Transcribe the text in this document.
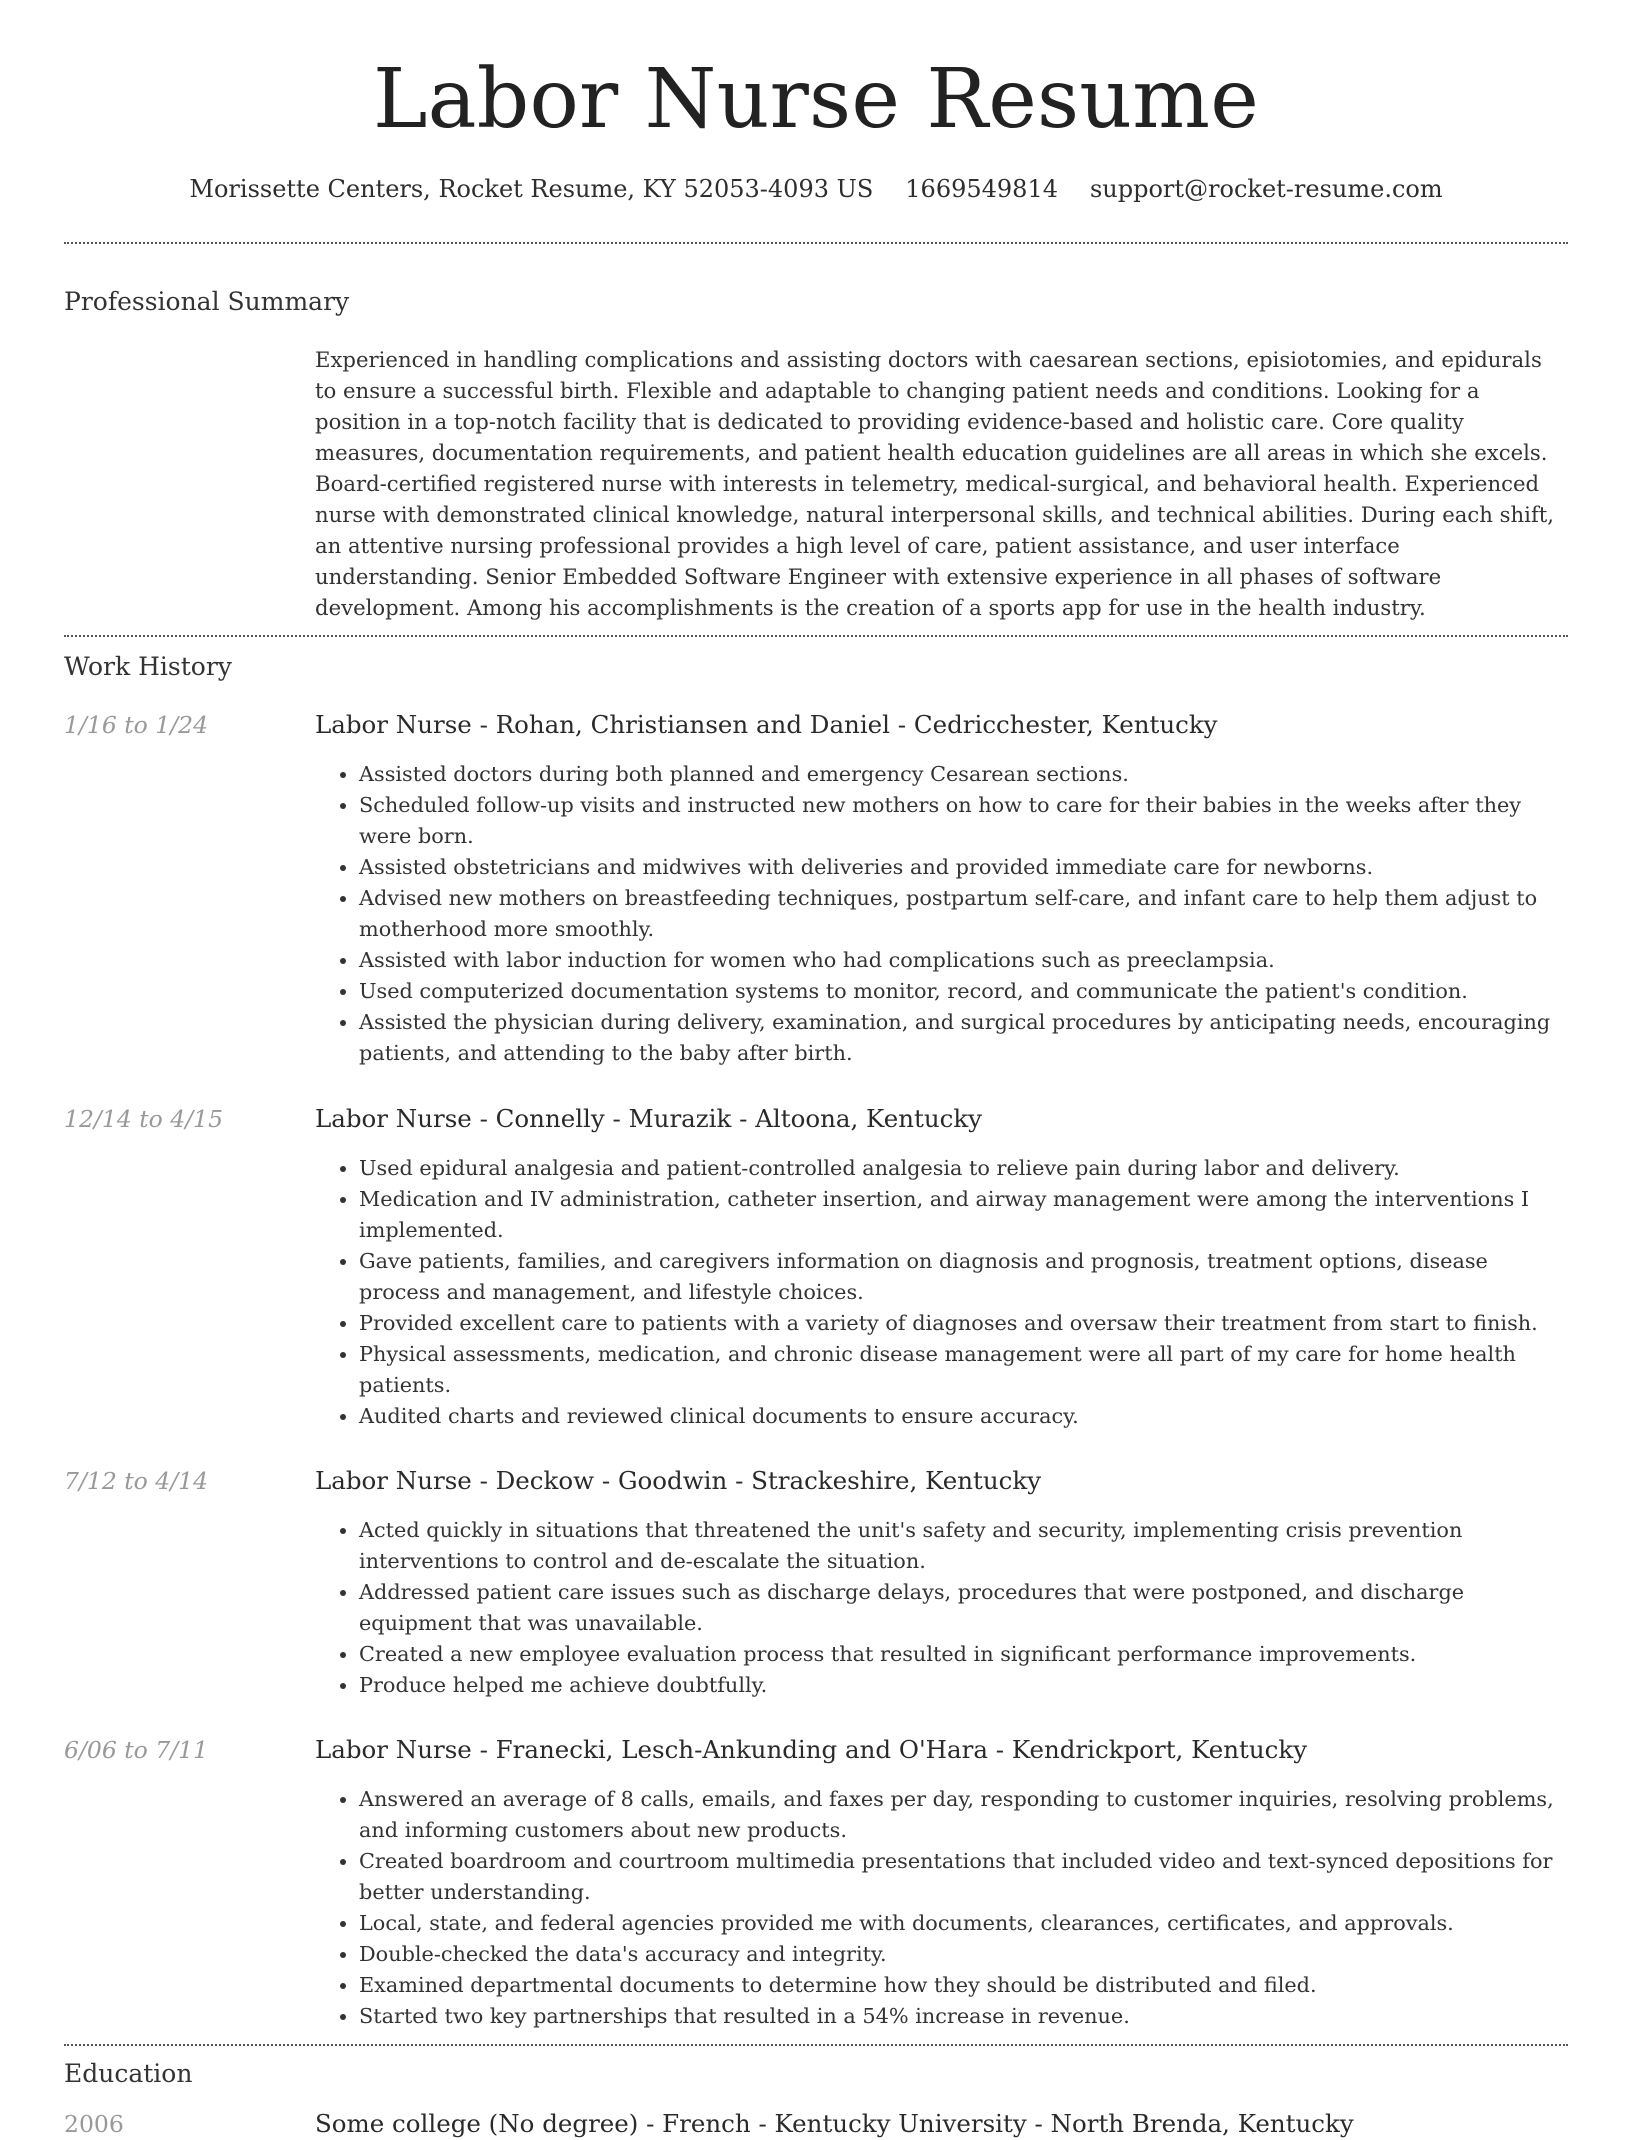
Labor Nurse Resume
Morissette Centers, Rocket Resume, KY 52053-4093 US 1669549814 support@rocket-resume.com
Professional Summary

Experienced in handling complications and assisting doctors with caesarean sections, episiotomies, and epidurals to ensure a successful birth. Flexible and adaptable to changing patient needs and conditions. Looking for a position in a top-notch facility that is dedicated to providing evidence-based and holistic care. Core quality measures, documentation requirements, and patient health education guidelines are all areas in which she excels. Board-certified registered nurse with interests in telemetry, medical-surgical, and behavioral health. Experienced nurse with demonstrated clinical knowledge, natural interpersonal skills, and technical abilities. During each shift, an attentive nursing professional provides a high level of care, patient assistance, and user interface understanding. Senior Embedded Software Engineer with extensive experience in all phases of software development. Among his accomplishments is the creation of a sports app for use in the health industry.

Work History
1/16 to 1/24	Labor Nurse - Rohan, Christiansen and Daniel - Cedricchester, Kentucky
• Assisted doctors during both planned and emergency Cesarean sections.
• Scheduled follow-up visits and instructed new mothers on how to care for their babies in the weeks after they were born.
• Assisted obstetricians and midwives with deliveries and provided immediate care for newborns.
• Advised new mothers on breastfeeding techniques, postpartum self-care, and infant care to help them adjust to motherhood more smoothly.
• Assisted with labor induction for women who had complications such as preeclampsia.
• Used computerized documentation systems to monitor, record, and communicate the patient's condition.
• Assisted the physician during delivery, examination, and surgical procedures by anticipating needs, encouraging patients, and attending to the baby after birth.
12/14 to 4/15	Labor Nurse - Connelly - Murazik - Altoona, Kentucky
• Used epidural analgesia and patient-controlled analgesia to relieve pain during labor and delivery.
• Medication and IV administration, catheter insertion, and airway management were among the interventions I implemented.
• Gave patients, families, and caregivers information on diagnosis and prognosis, treatment options, disease process and management, and lifestyle choices.
• Provided excellent care to patients with a variety of diagnoses and oversaw their treatment from start to finish.
• Physical assessments, medication, and chronic disease management were all part of my care for home health patients.
• Audited charts and reviewed clinical documents to ensure accuracy.
7/12 to 4/14	Labor Nurse - Deckow - Goodwin - Strackeshire, Kentucky
• Acted quickly in situations that threatened the unit's safety and security, implementing crisis prevention interventions to control and de-escalate the situation.
• Addressed patient care issues such as discharge delays, procedures that were postponed, and discharge equipment that was unavailable.
• Created a new employee evaluation process that resulted in significant performance improvements.
• Produce helped me achieve doubtfully.
6/06 to 7/11	Labor Nurse - Franecki, Lesch-Ankunding and O'Hara - Kendrickport, Kentucky
• Answered an average of 8 calls, emails, and faxes per day, responding to customer inquiries, resolving problems, and informing customers about new products.
• Created boardroom and courtroom multimedia presentations that included video and text-synced depositions for better understanding.
• Local, state, and federal agencies provided me with documents, clearances, certificates, and approvals.
• Double-checked the data's accuracy and integrity.
• Examined departmental documents to determine how they should be distributed and filed.
• Started two key partnerships that resulted in a 54% increase in revenue.
Education
2006	Some college (No degree) - French - Kentucky University - North Brenda, Kentucky
